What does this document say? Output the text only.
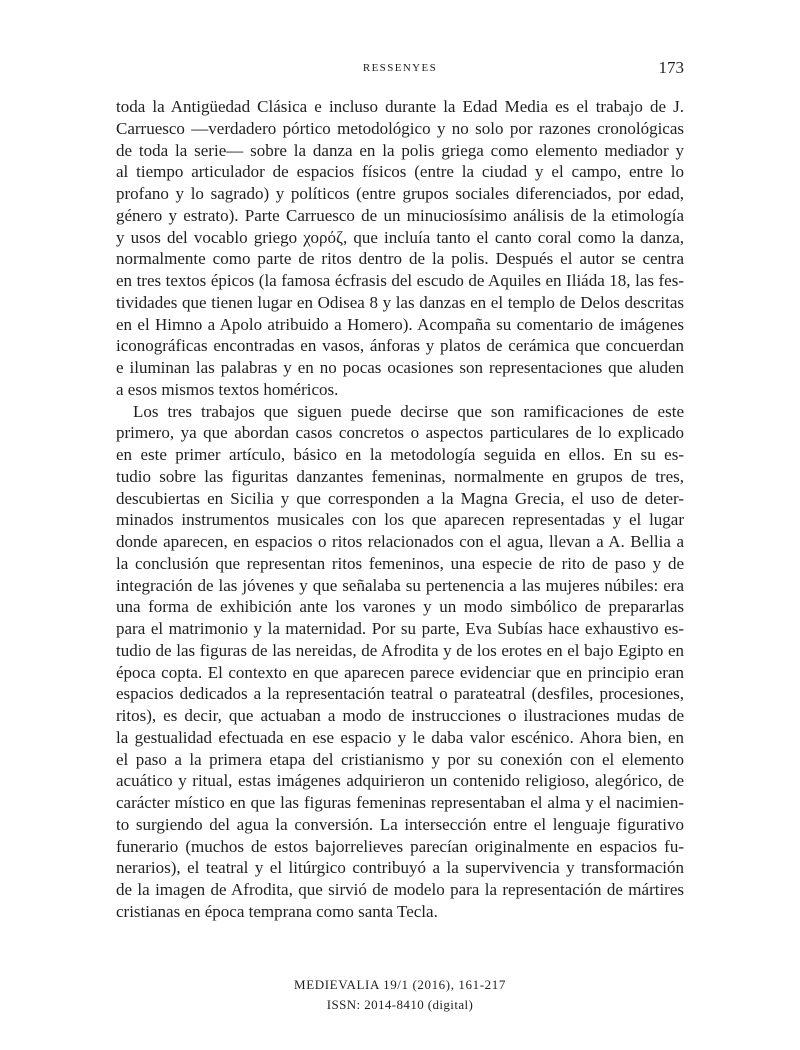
RESSENYES	173

toda la Antigüedad Clásica e incluso durante la Edad Media es el trabajo de J.
Carruesco —verdadero pórtico metodológico y no solo por razones cronológicas
de toda la serie— sobre la danza en la polis griega como elemento mediador y
al tiempo articulador de espacios físicos (entre la ciudad y el campo, entre lo
profano y lo sagrado) y políticos (entre grupos sociales diferenciados, por edad,
género y estrato). Parte Carruesco de un minuciosísimo análisis de la etimología
y usos del vocablo griego χορόζ, que incluía tanto el canto coral como la danza,
normalmente como parte de ritos dentro de la polis. Después el autor se centra
en tres textos épicos (la famosa écfrasis del escudo de Aquiles en Iliáda 18, las fes-
tividades que tienen lugar en Odisea 8 y las danzas en el templo de Delos descritas
en el Himno a Apolo atribuido a Homero). Acompaña su comentario de imágenes
iconográficas encontradas en vasos, ánforas y platos de cerámica que concuerdan
e iluminan las palabras y en no pocas ocasiones son representaciones que aluden
a esos mismos textos homéricos.

Los tres trabajos que siguen puede decirse que son ramificaciones de este
primero, ya que abordan casos concretos o aspectos particulares de lo explicado
en este primer artículo, básico en la metodología seguida en ellos. En su es-
tudio sobre las figuritas danzantes femeninas, normalmente en grupos de tres,
descubiertas en Sicilia y que corresponden a la Magna Grecia, el uso de deter-
minados instrumentos musicales con los que aparecen representadas y el lugar
donde aparecen, en espacios o ritos relacionados con el agua, llevan a A. Bellia a
la conclusión que representan ritos femeninos, una especie de rito de paso y de
integración de las jóvenes y que señalaba su pertenencia a las mujeres núbiles: era
una forma de exhibición ante los varones y un modo simbólico de prepararlas
para el matrimonio y la maternidad. Por su parte, Eva Subías hace exhaustivo es-
tudio de las figuras de las nereidas, de Afrodita y de los erotes en el bajo Egipto en
época copta. El contexto en que aparecen parece evidenciar que en principio eran
espacios dedicados a la representación teatral o parateatral (desfiles, procesiones,
ritos), es decir, que actuaban a modo de instrucciones o ilustraciones mudas de
la gestualidad efectuada en ese espacio y le daba valor escénico. Ahora bien, en
el paso a la primera etapa del cristianismo y por su conexión con el elemento
acuático y ritual, estas imágenes adquirieron un contenido religioso, alegórico, de
carácter místico en que las figuras femeninas representaban el alma y el nacimien-
to surgiendo del agua la conversión. La intersección entre el lenguaje figurativo
funerario (muchos de estos bajorrelieves parecían originalmente en espacios fu-
nerarios), el teatral y el litúrgico contribuyó a la supervivencia y transformación
de la imagen de Afrodita, que sirvió de modelo para la representación de mártires
cristianas en época temprana como santa Tecla.

MEDIEVALIA 19/1 (2016), 161-217
ISSN: 2014-8410 (digital)
